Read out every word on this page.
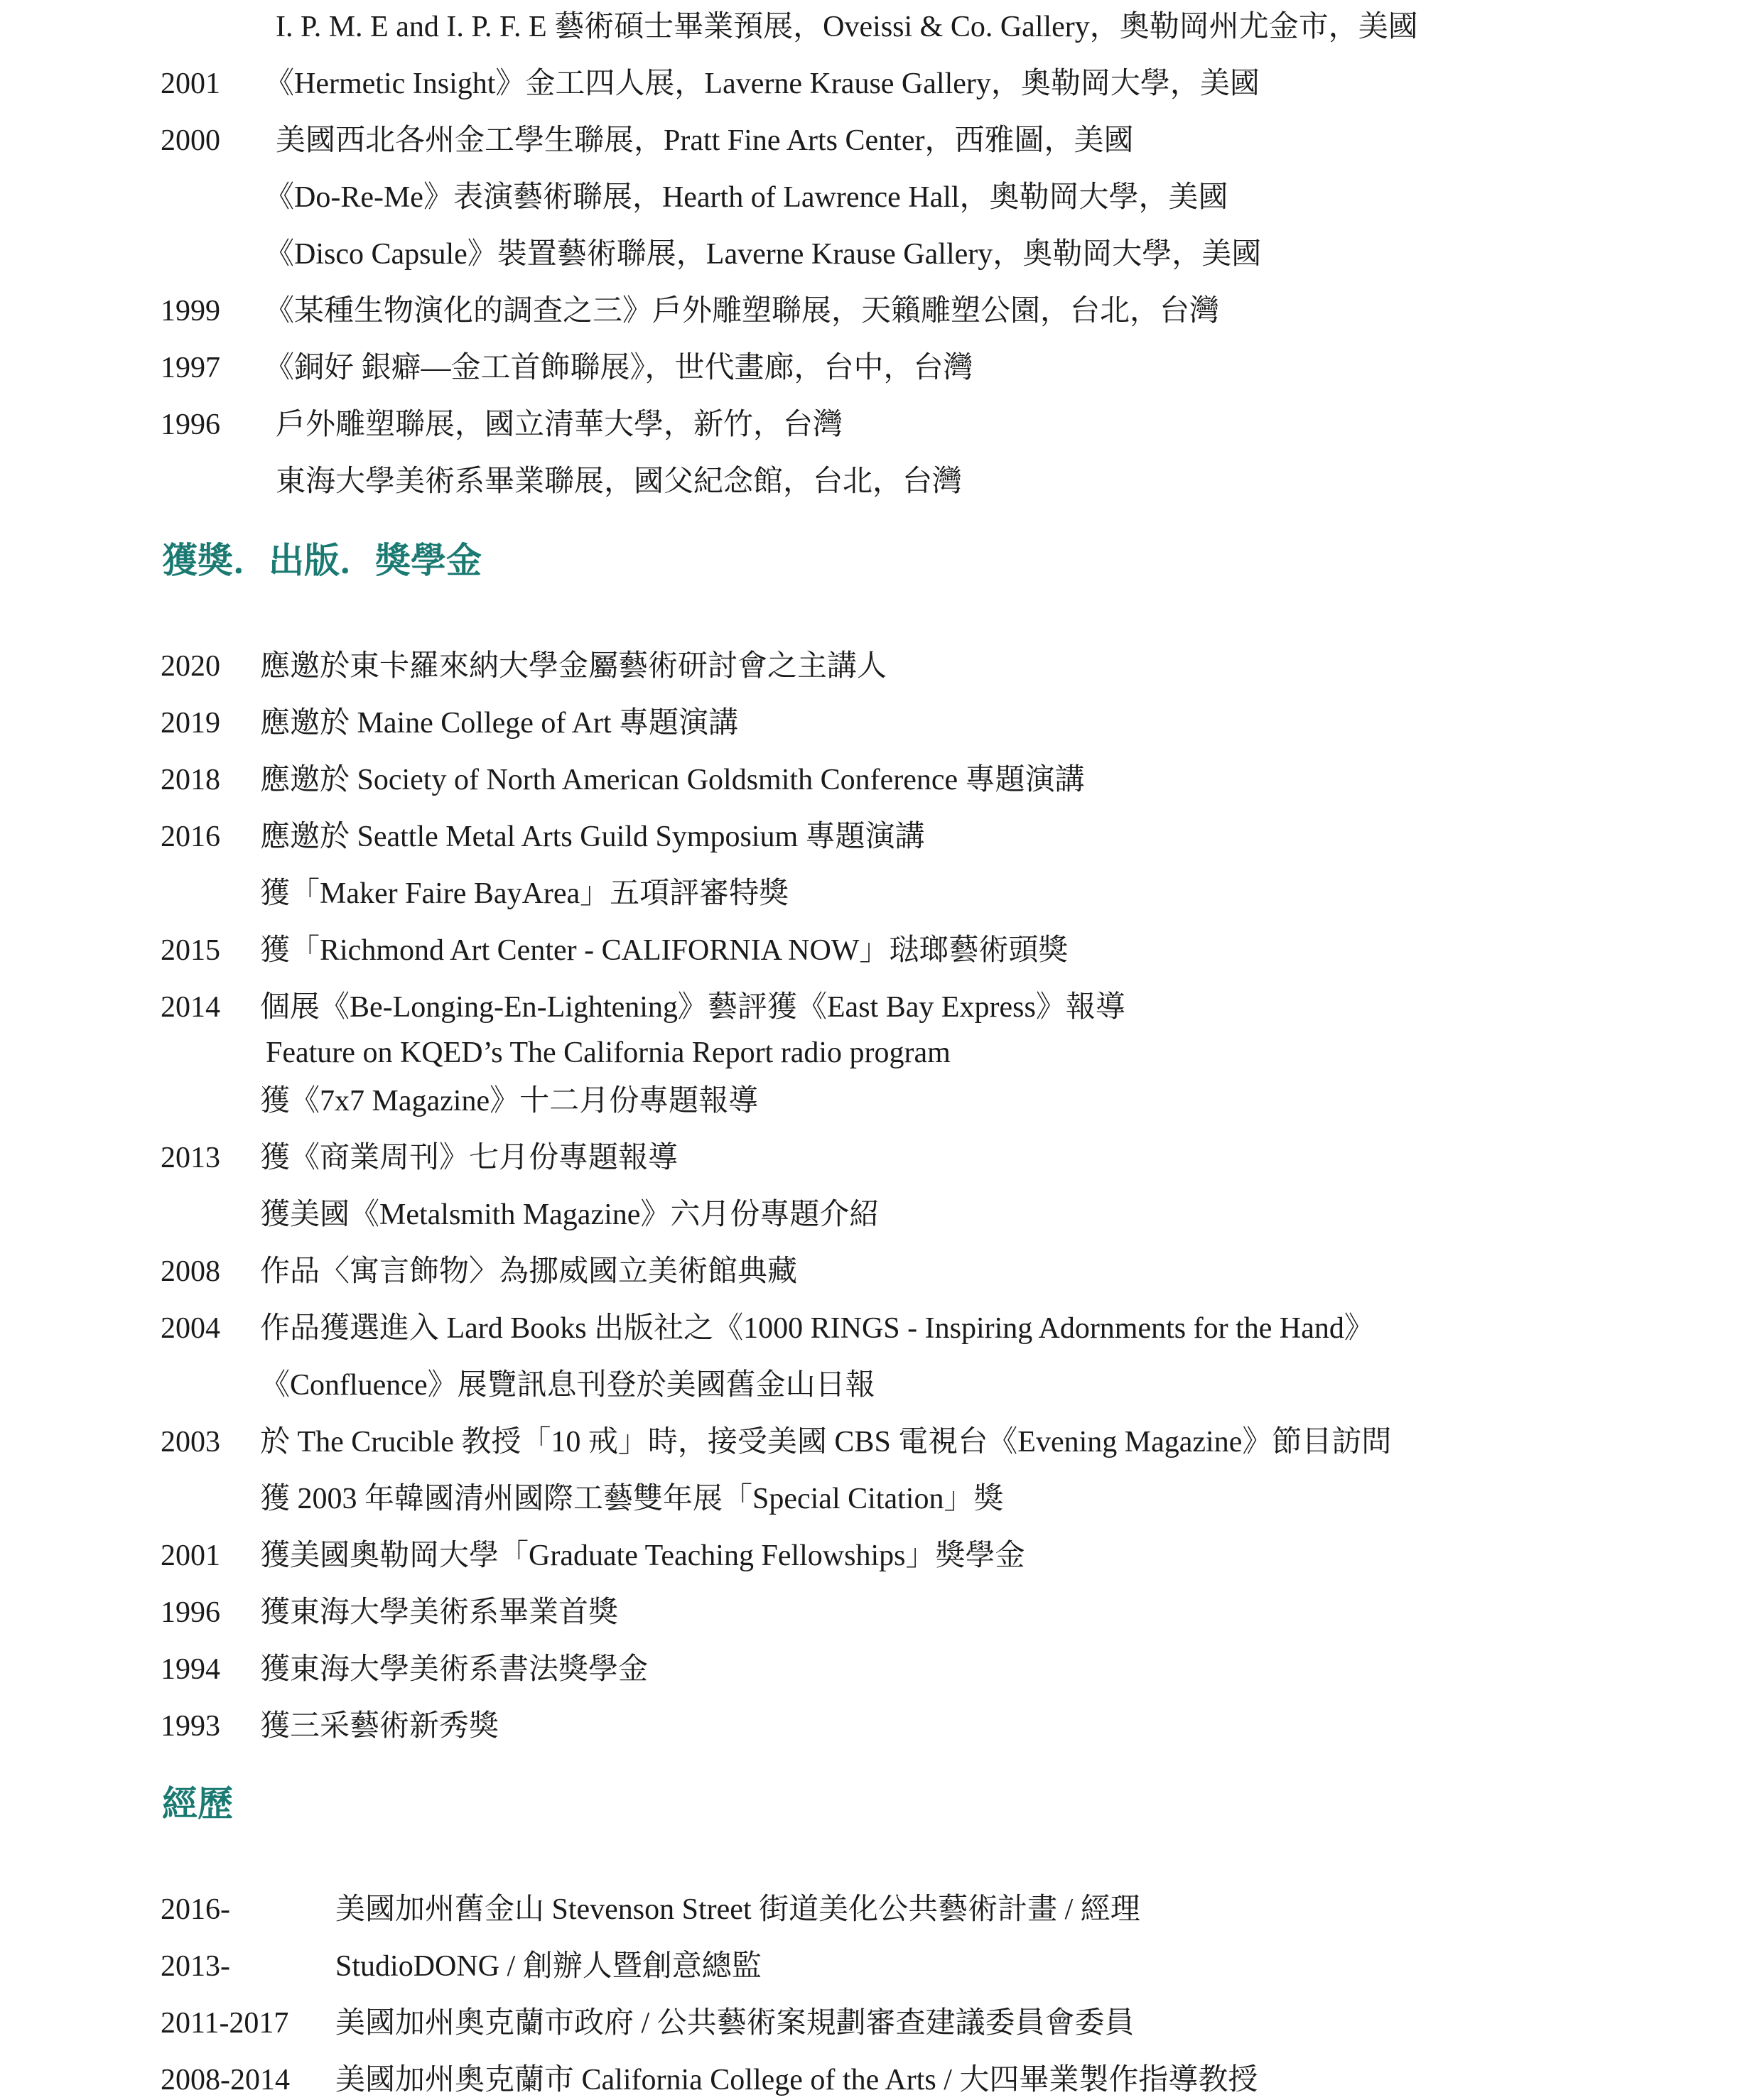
I. P. M. E and I. P. F. E 藝術碩士畢業預展，Oveissi & Co. Gallery，奧勒岡州尤金市，美國
2001 《Hermetic Insight》金工四人展，Laverne Krause Gallery，奧勒岡大學，美國
2000 美國西北各州金工學生聯展，Pratt Fine Arts Center，西雅圖，美國
《Do-Re-Me》表演藝術聯展，Hearth of Lawrence Hall，奧勒岡大學，美國
《Disco Capsule》裝置藝術聯展，Laverne Krause Gallery，奧勒岡大學，美國
1999 《某種生物演化的調查之三》戶外雕塑聯展，天籟雕塑公園，台北，台灣
1997 《銅好 銀癖—金工首飾聯展》，世代畫廊，台中，台灣
1996 戶外雕塑聯展，國立清華大學，新竹，台灣
東海大學美術系畢業聯展，國父紀念館，台北，台灣
獲獎．出版．獎學金
2020 應邀於東卡羅來納大學金屬藝術研討會之主講人
2019 應邀於 Maine College of Art 專題演講
2018 應邀於 Society of North American Goldsmith Conference 專題演講
2016 應邀於 Seattle Metal Arts Guild Symposium 專題演講
獲「Maker Faire BayArea」五項評審特獎
2015 獲「Richmond Art Center - CALIFORNIA NOW」琺瑯藝術頭獎
2014 個展《Be-Longing-En-Lightening》藝評獲《East Bay Express》報導
Feature on KQED’s The California Report radio program
獲《7x7 Magazine》十二月份專題報導
2013 獲《商業周刊》七月份專題報導
獲美國《Metalsmith Magazine》六月份專題介紹
2008 作品〈寓言飾物〉為挪威國立美術館典藏
2004 作品獲選進入 Lard Books 出版社之《1000 RINGS - Inspiring Adornments for the Hand》
《Confluence》展覽訊息刊登於美國舊金山日報
2003 於 The Crucible 教授「10 戒」時，接受美國 CBS 電視台《Evening Magazine》節目訪問
獲 2003 年韓國清州國際工藝雙年展「Special Citation」獎
2001 獲美國奧勒岡大學「Graduate Teaching Fellowships」獎學金
1996 獲東海大學美術系畢業首獎
1994 獲東海大學美術系書法獎學金
1993 獲三采藝術新秀獎
經歷
2016-	美國加州舊金山 Stevenson Street 街道美化公共藝術計畫 / 經理
2013-	StudioDONG / 創辦人暨創意總監
2011-2017 美國加州奧克蘭市政府 / 公共藝術案規劃審查建議委員會委員
2008-2014 美國加州奧克蘭市 California College of the Arts / 大四畢業製作指導教授
